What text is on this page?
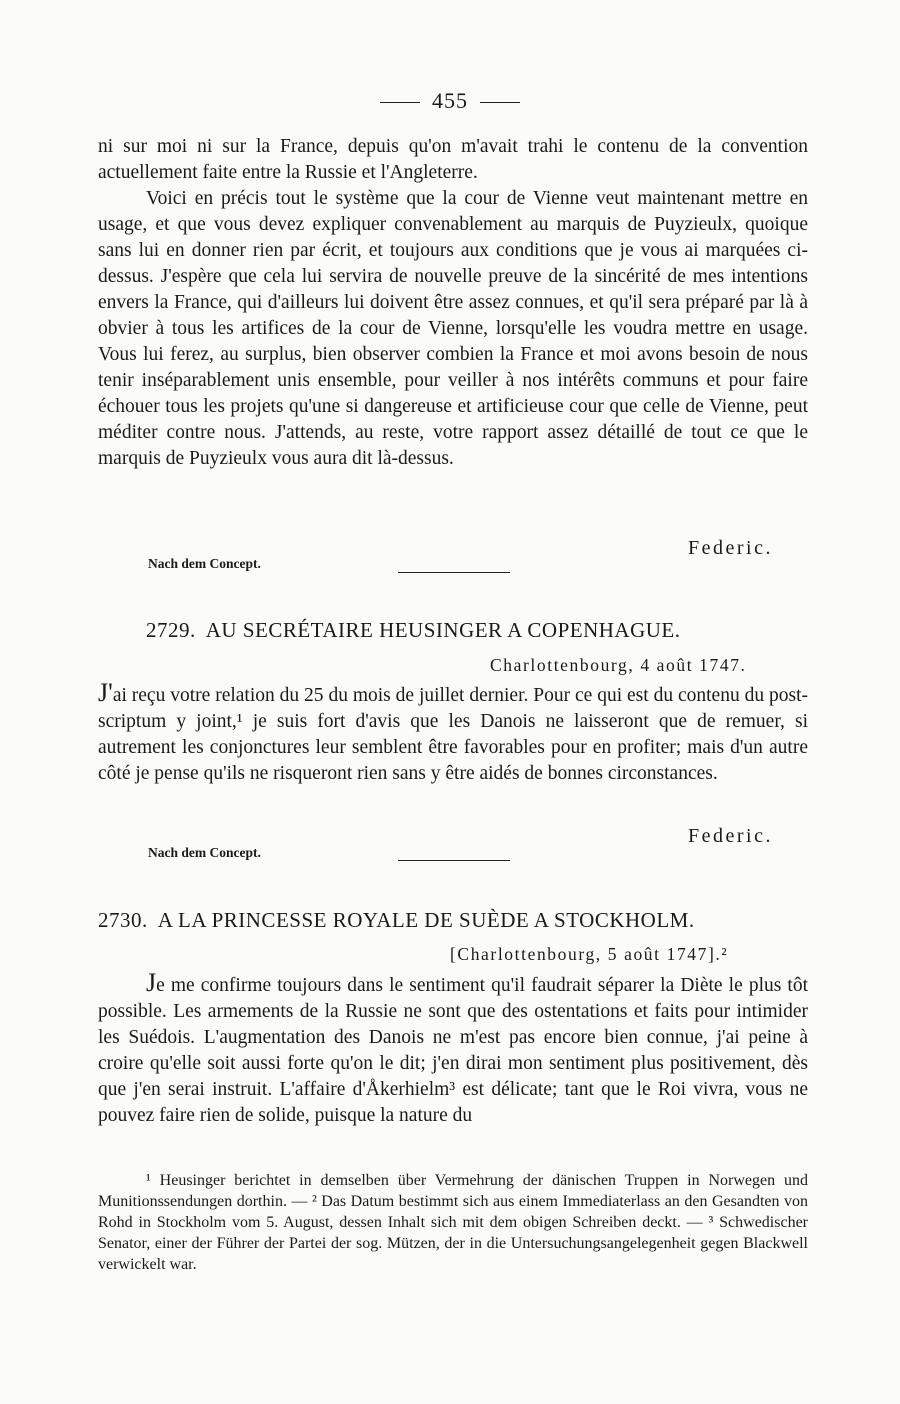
455

ni sur moi ni sur la France, depuis qu'on m'avait trahi le contenu de la convention actuellement faite entre la Russie et l'Angleterre.

Voici en précis tout le système que la cour de Vienne veut maintenant mettre en usage, et que vous devez expliquer convenablement au marquis de Puyzieulx, quoique sans lui en donner rien par écrit, et toujours aux conditions que je vous ai marquées ci-dessus. J'espère que cela lui servira de nouvelle preuve de la sincérité de mes intentions envers la France, qui d'ailleurs lui doivent être assez connues, et qu'il sera préparé par là à obvier à tous les artifices de la cour de Vienne, lorsqu'elle les voudra mettre en usage. Vous lui ferez, au surplus, bien observer combien la France et moi avons besoin de nous tenir inséparablement unis ensemble, pour veiller à nos intérêts communs et pour faire échouer tous les projets qu'une si dangereuse et artificieuse cour que celle de Vienne, peut méditer contre nous. J'attends, au reste, votre rapport assez détaillé de tout ce que le marquis de Puyzieulx vous aura dit là-dessus.

Federic.
Nach dem Concept.
2729. AU SECRÉTAIRE HEUSINGER A COPENHAGUE.
Charlottenbourg, 4 août 1747.

J'ai reçu votre relation du 25 du mois de juillet dernier. Pour ce qui est du contenu du post-scriptum y joint,¹ je suis fort d'avis que les Danois ne laisseront que de remuer, si autrement les conjonctures leur semblent être favorables pour en profiter; mais d'un autre côté je pense qu'ils ne risqueront rien sans y être aidés de bonnes circonstances.

Federic.
Nach dem Concept.
2730. A LA PRINCESSE ROYALE DE SUÈDE A STOCKHOLM.
[Charlottenbourg, 5 août 1747].²

Je me confirme toujours dans le sentiment qu'il faudrait séparer la Diète le plus tôt possible. Les armements de la Russie ne sont que des ostentations et faits pour intimider les Suédois. L'augmentation des Danois ne m'est pas encore bien connue, j'ai peine à croire qu'elle soit aussi forte qu'on le dit; j'en dirai mon sentiment plus positivement, dès que j'en serai instruit. L'affaire d'Åkerhielm³ est délicate; tant que le Roi vivra, vous ne pouvez faire rien de solide, puisque la nature du

¹ Heusinger berichtet in demselben über Vermehrung der dänischen Truppen in Norwegen und Munitionssendungen dorthin. — ² Das Datum bestimmt sich aus einem Immediaterlass an den Gesandten von Rohd in Stockholm vom 5. August, dessen Inhalt sich mit dem obigen Schreiben deckt. — ³ Schwedischer Senator, einer der Führer der Partei der sog. Mützen, der in die Untersuchungsangelegenheit gegen Blackwell verwickelt war.
